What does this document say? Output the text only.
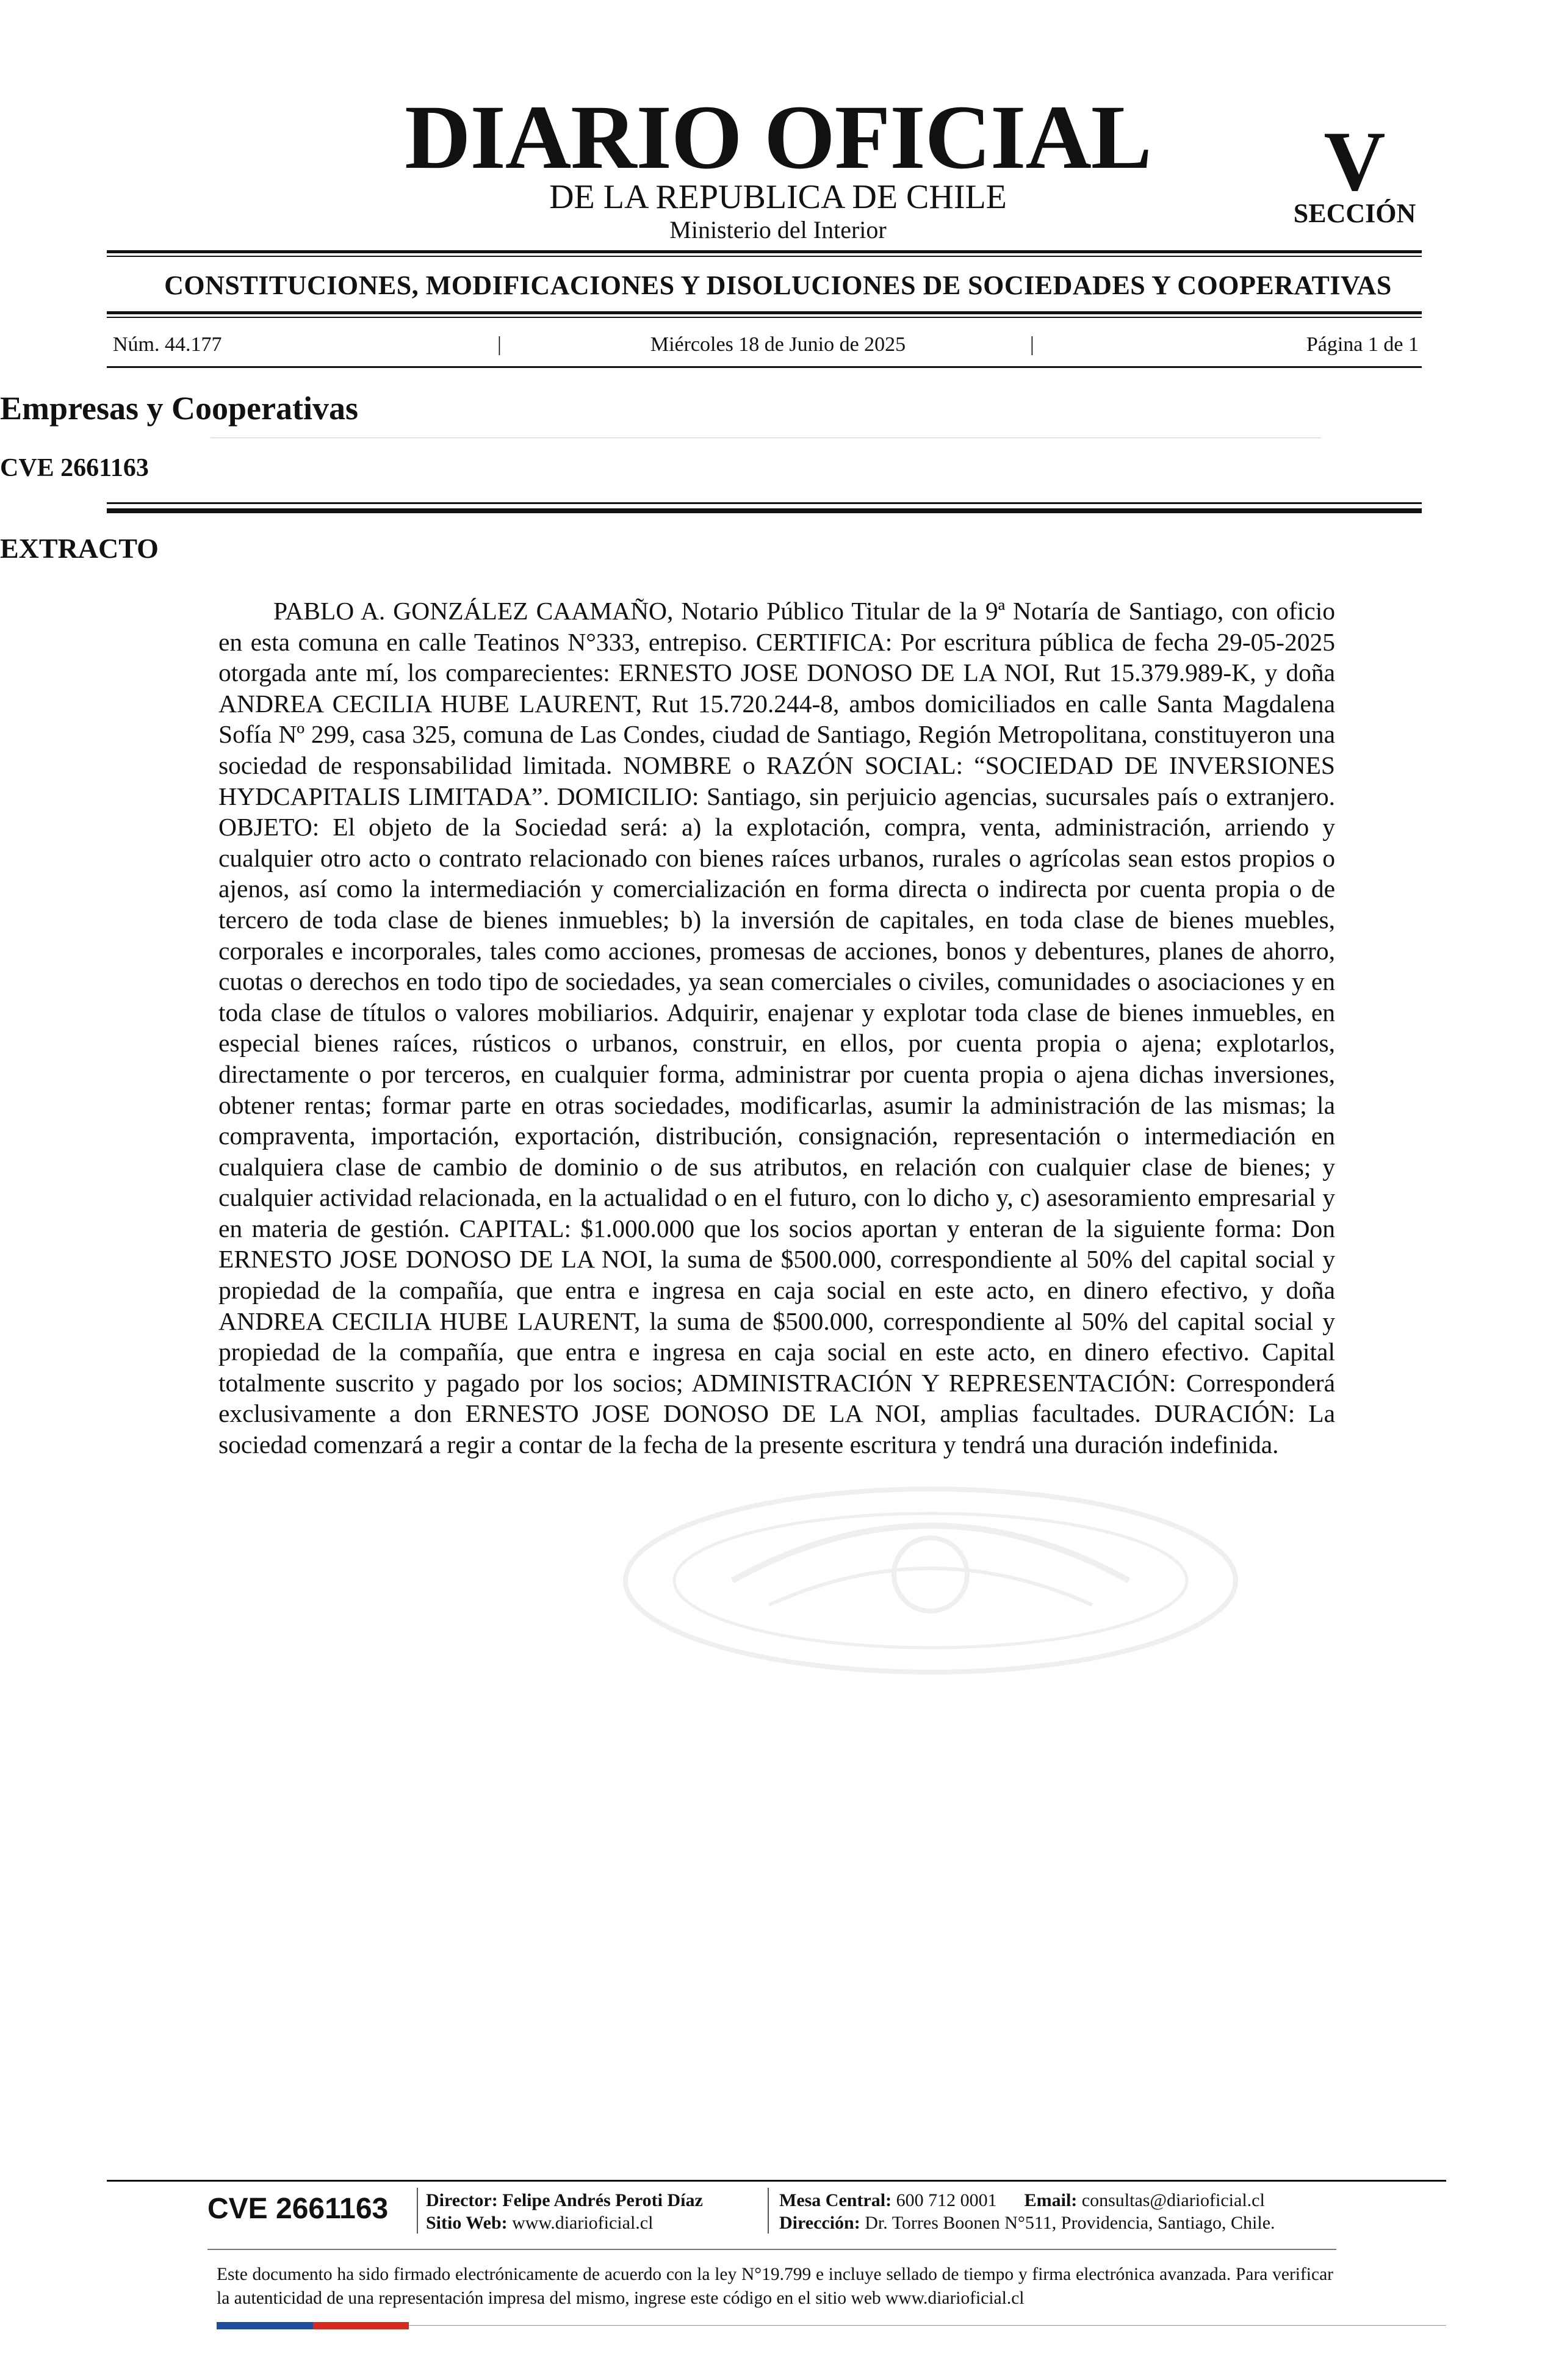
DIARIO OFICIAL
DE LA REPUBLICA DE CHILE
Ministerio del Interior
V
SECCIÓN
CONSTITUCIONES, MODIFICACIONES Y DISOLUCIONES DE SOCIEDADES Y COOPERATIVAS
Núm. 44.177	|	Miércoles 18 de Junio de 2025	|	Página 1 de 1
Empresas y Cooperativas
CVE 2661163
EXTRACTO

PABLO A. GONZÁLEZ CAAMAÑO, Notario Público Titular de la 9ª Notaría de Santiago, con oficio en esta comuna en calle Teatinos N°333, entrepiso. CERTIFICA: Por escritura pública de fecha 29-05-2025 otorgada ante mí, los comparecientes: ERNESTO JOSE DONOSO DE LA NOI, Rut 15.379.989-K, y doña ANDREA CECILIA HUBE LAURENT, Rut 15.720.244-8, ambos domiciliados en calle Santa Magdalena Sofía Nº 299, casa 325, comuna de Las Condes, ciudad de Santiago, Región Metropolitana, constituyeron una sociedad de responsabilidad limitada. NOMBRE o RAZÓN SOCIAL: “SOCIEDAD DE INVERSIONES HYDCAPITALIS LIMITADA”. DOMICILIO: Santiago, sin perjuicio agencias, sucursales país o extranjero. OBJETO: El objeto de la Sociedad será: a) la explotación, compra, venta, administración, arriendo y cualquier otro acto o contrato relacionado con bienes raíces urbanos, rurales o agrícolas sean estos propios o ajenos, así como la intermediación y comercialización en forma directa o indirecta por cuenta propia o de tercero de toda clase de bienes inmuebles; b) la inversión de capitales, en toda clase de bienes muebles, corporales e incorporales, tales como acciones, promesas de acciones, bonos y debentures, planes de ahorro, cuotas o derechos en todo tipo de sociedades, ya sean comerciales o civiles, comunidades o asociaciones y en toda clase de títulos o valores mobiliarios. Adquirir, enajenar y explotar toda clase de bienes inmuebles, en especial bienes raíces, rústicos o urbanos, construir, en ellos, por cuenta propia o ajena; explotarlos, directamente o por terceros, en cualquier forma, administrar por cuenta propia o ajena dichas inversiones, obtener rentas; formar parte en otras sociedades, modificarlas, asumir la administración de las mismas; la compraventa, importación, exportación, distribución, consignación, representación o intermediación en cualquiera clase de cambio de dominio o de sus atributos, en relación con cualquier clase de bienes; y cualquier actividad relacionada, en la actualidad o en el futuro, con lo dicho y, c) asesoramiento empresarial y en materia de gestión. CAPITAL: $1.000.000 que los socios aportan y enteran de la siguiente forma: Don ERNESTO JOSE DONOSO DE LA NOI, la suma de $500.000, correspondiente al 50% del capital social y propiedad de la compañía, que entra e ingresa en caja social en este acto, en dinero efectivo, y doña ANDREA CECILIA HUBE LAURENT, la suma de $500.000, correspondiente al 50% del capital social y propiedad de la compañía, que entra e ingresa en caja social en este acto, en dinero efectivo. Capital totalmente suscrito y pagado por los socios; ADMINISTRACIÓN Y REPRESENTACIÓN: Corresponderá exclusivamente a don ERNESTO JOSE DONOSO DE LA NOI, amplias facultades. DURACIÓN: La sociedad comenzará a regir a contar de la fecha de la presente escritura y tendrá una duración indefinida.

CVE 2661163 Director: Felipe Andrés Peroti Díaz
Sitio Web: www.diarioficial.cl
Mesa Central: 600 712 0001 Email: consultas@diarioficial.cl
Dirección: Dr. Torres Boonen N°511, Providencia, Santiago, Chile.

Este documento ha sido firmado electrónicamente de acuerdo con la ley N°19.799 e incluye sellado de tiempo y firma electrónica avanzada. Para verificar la autenticidad de una representación impresa del mismo, ingrese este código en el sitio web www.diarioficial.cl
